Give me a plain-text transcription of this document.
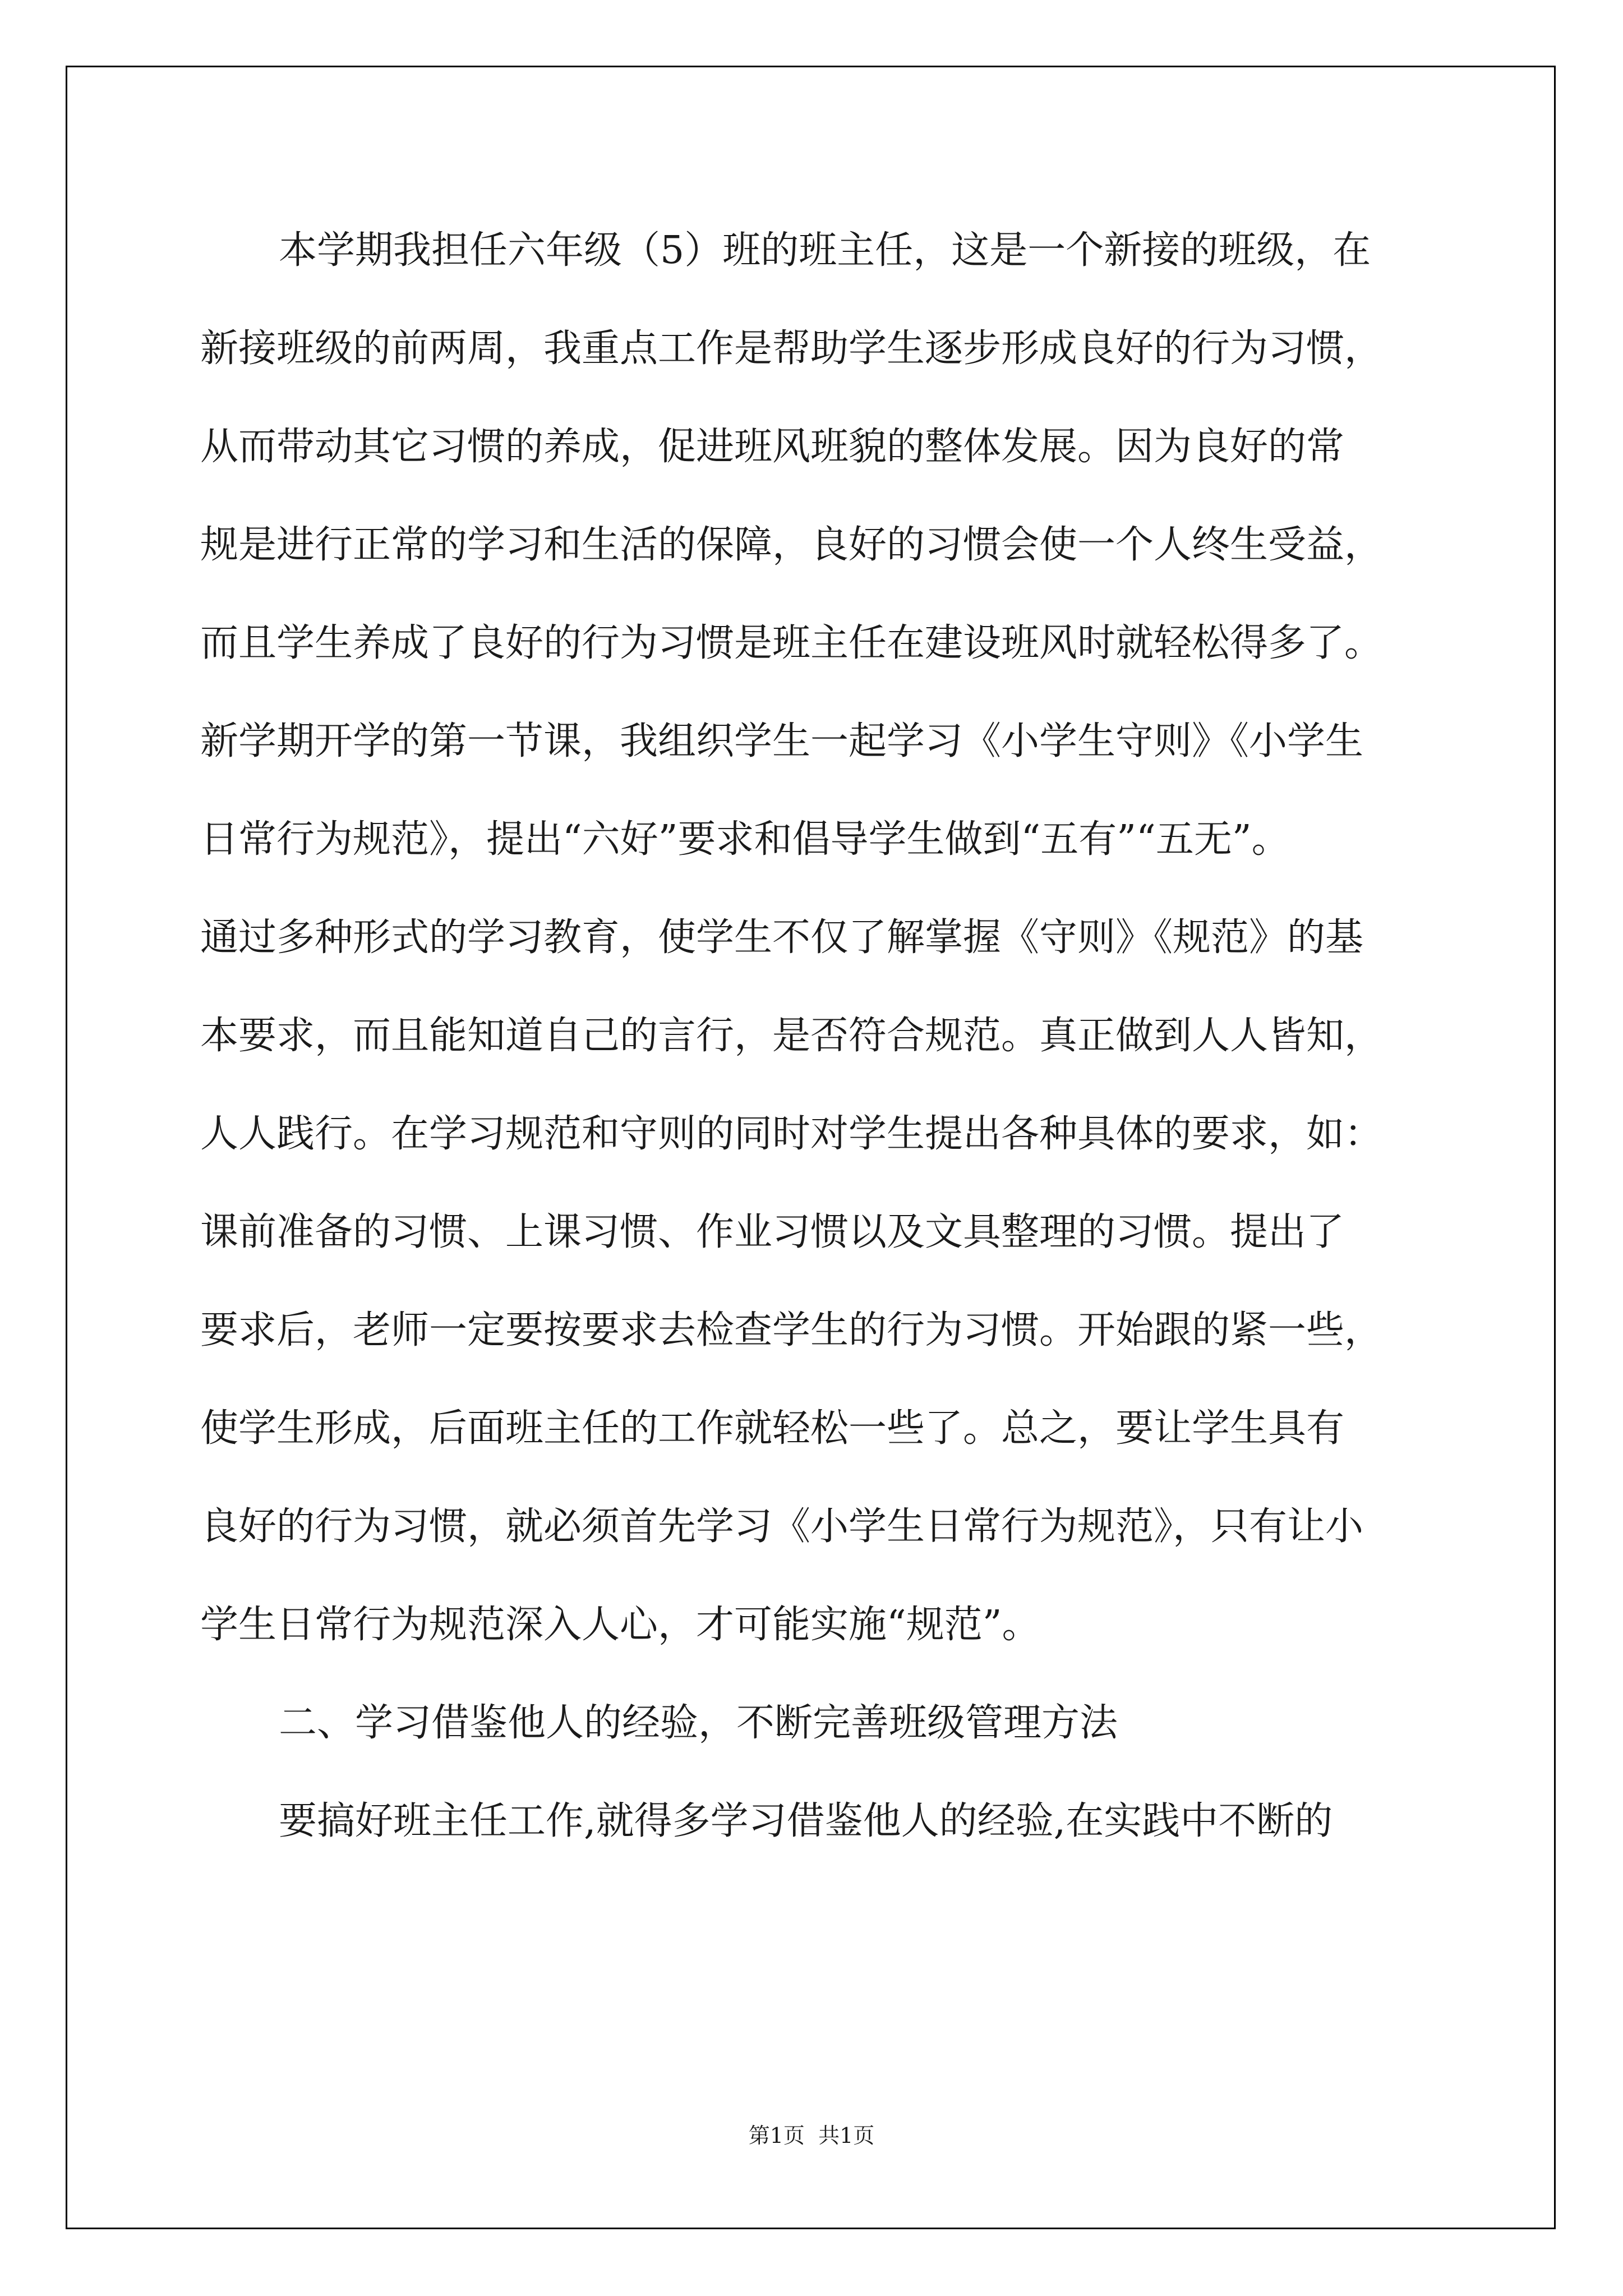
本学期我担任六年级（5）班的班主任，这是一个新接的班级，在

新接班级的前两周，我重点工作是帮助学生逐步形成良好的行为习惯，

从而带动其它习惯的养成，促进班风班貌的整体发展。因为良好的常

规是进行正常的学习和生活的保障，良好的习惯会使一个人终生受益，

而且学生养成了良好的行为习惯是班主任在建设班风时就轻松得多了。

新学期开学的第一节课，我组织学生一起学习《小学生守则》《小学生

日常行为规范》，提出“六好”要求和倡导学生做到“五有”“五无”。

通过多种形式的学习教育，使学生不仅了解掌握《守则》《规范》的基

本要求，而且能知道自己的言行，是否符合规范。真正做到人人皆知，

人人践行。在学习规范和守则的同时对学生提出各种具体的要求，如：

课前准备的习惯、上课习惯、作业习惯以及文具整理的习惯。提出了

要求后，老师一定要按要求去检查学生的行为习惯。开始跟的紧一些，

使学生形成，后面班主任的工作就轻松一些了。总之，要让学生具有

良好的行为习惯，就必须首先学习《小学生日常行为规范》，只有让小

学生日常行为规范深入人心，才可能实施“规范”。

二、学习借鉴他人的经验，不断完善班级管理方法

要搞好班主任工作,就得多学习借鉴他人的经验,在实践中不断的

第1页  共1页
